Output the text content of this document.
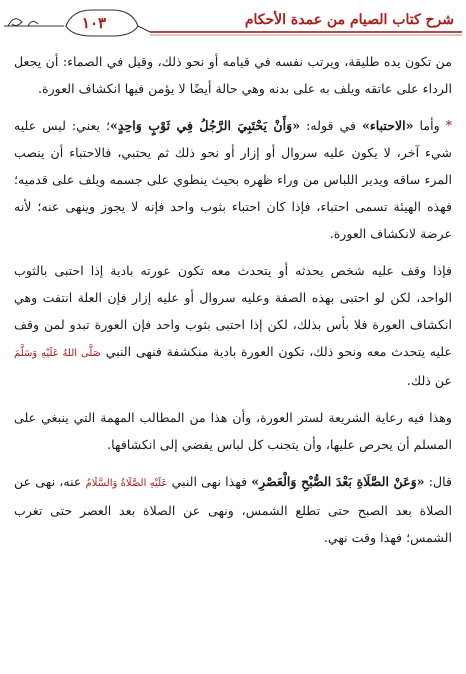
١٠٣	شرح كتاب الصيام من عمدة الأحكام

من تكون يده طليقة، ويرتب نفسه في قيامه أو نحو ذلك، وقيل في الصماء: أن يجعل الرداء على عاتقه ويلف به على بدنه وهي حالة أيضًا لا يؤمن فيها انكشاف العورة.

* وأما «الاحتباء» في قوله: «وَأَنْ يَحْتَبِيَ الرَّجُلُ فِي ثَوْبٍ وَاحِدٍ»؛ يعني: ليس عليه شيء آخر، لا يكون عليه سروال أو إزار أو نحو ذلك ثم يحتبي، فالاحتباء أن ينصب المرء ساقه ويدير اللباس من وراء ظهره بحيث ينطوي على جسمه ويلف على قدميه؛ فهذه الهيئة تسمى احتباء، فإذا كان احتباء بثوب واحد فإنه لا يجوز وينهى عنه؛ لأنه عرضة لانكشاف العورة.

فإذا وقف عليه شخص يحدثه أو يتحدث معه تكون عورته بادية إذا احتبى بالثوب الواحد، لكن لو احتبى بهذه الصفة وعليه سروال أو عليه إزار فإن العلة انتفت وهي انكشاف العورة فلا بأس بذلك، لكن إذا احتبى بثوب واحد فإن العورة تبدو لمن وقف عليه يتحدث معه ونحو ذلك، تكون العورة بادية منكشفة فنهى النبي صَلَّى اللهُ عَلَيْهِ وَسَلَّمَ عن ذلك.

وهذا فيه رعاية الشريعة لستر العورة، وأن هذا من المطالب المهمة التي ينبغي على المسلم أن يحرص عليها، وأن يتجنب كل لباس يفضي إلى انكشافها.

قال: «وَعَنْ الصَّلَاةِ بَعْدَ الصُّبْحِ وَالْعَصْرِ» فهذا نهى النبي عَلَيْهِ الصَّلَاةُ وَالسَّلَامُ عنه، نهى عن الصلاة بعد الصبح حتى تطلع الشمس، ونهى عن الصلاة بعد العصر حتى تغرب الشمس؛ فهذا وقت نهي.
